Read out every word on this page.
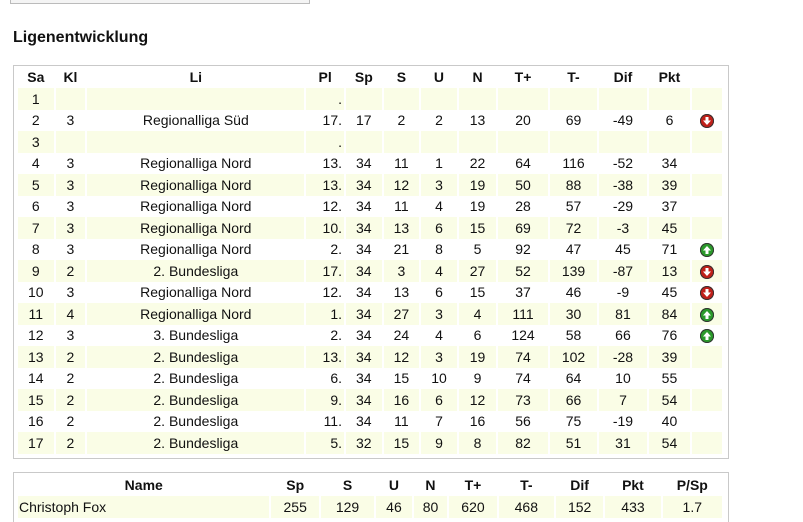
Ligenentwicklung
Sa	Kl	Li	Pl	Sp	S	U	N	T+	T-	Dif	Pkt	
1			.									
2	3	Regionalliga Süd	17.	17	2	2	13	20	69	-49	6	

3			.									
4	3	Regionalliga Nord	13.	34	11	1	22	64	116	-52	34	
5	3	Regionalliga Nord	13.	34	12	3	19	50	88	-38	39	
6	3	Regionalliga Nord	12.	34	11	4	19	28	57	-29	37	
7	3	Regionalliga Nord	10.	34	13	6	15	69	72	-3	45	
8	3	Regionalliga Nord	2.	34	21	8	5	92	47	45	71	

9	2	2. Bundesliga	17.	34	3	4	27	52	139	-87	13	

10	3	Regionalliga Nord	12.	34	13	6	15	37	46	-9	45	

11	4	Regionalliga Nord	1.	34	27	3	4	111	30	81	84	

12	3	3. Bundesliga	2.	34	24	4	6	124	58	66	76	

13	2	2. Bundesliga	13.	34	12	3	19	74	102	-28	39	
14	2	2. Bundesliga	6.	34	15	10	9	74	64	10	55	
15	2	2. Bundesliga	9.	34	16	6	12	73	66	7	54	
16	2	2. Bundesliga	11.	34	11	7	16	56	75	-19	40	
17	2	2. Bundesliga	5.	32	15	9	8	82	51	31	54	
Name	Sp	S	U	N	T+	T-	Dif	Pkt	P/Sp
Christoph Fox	255	129	46	80	620	468	152	433	1.7
